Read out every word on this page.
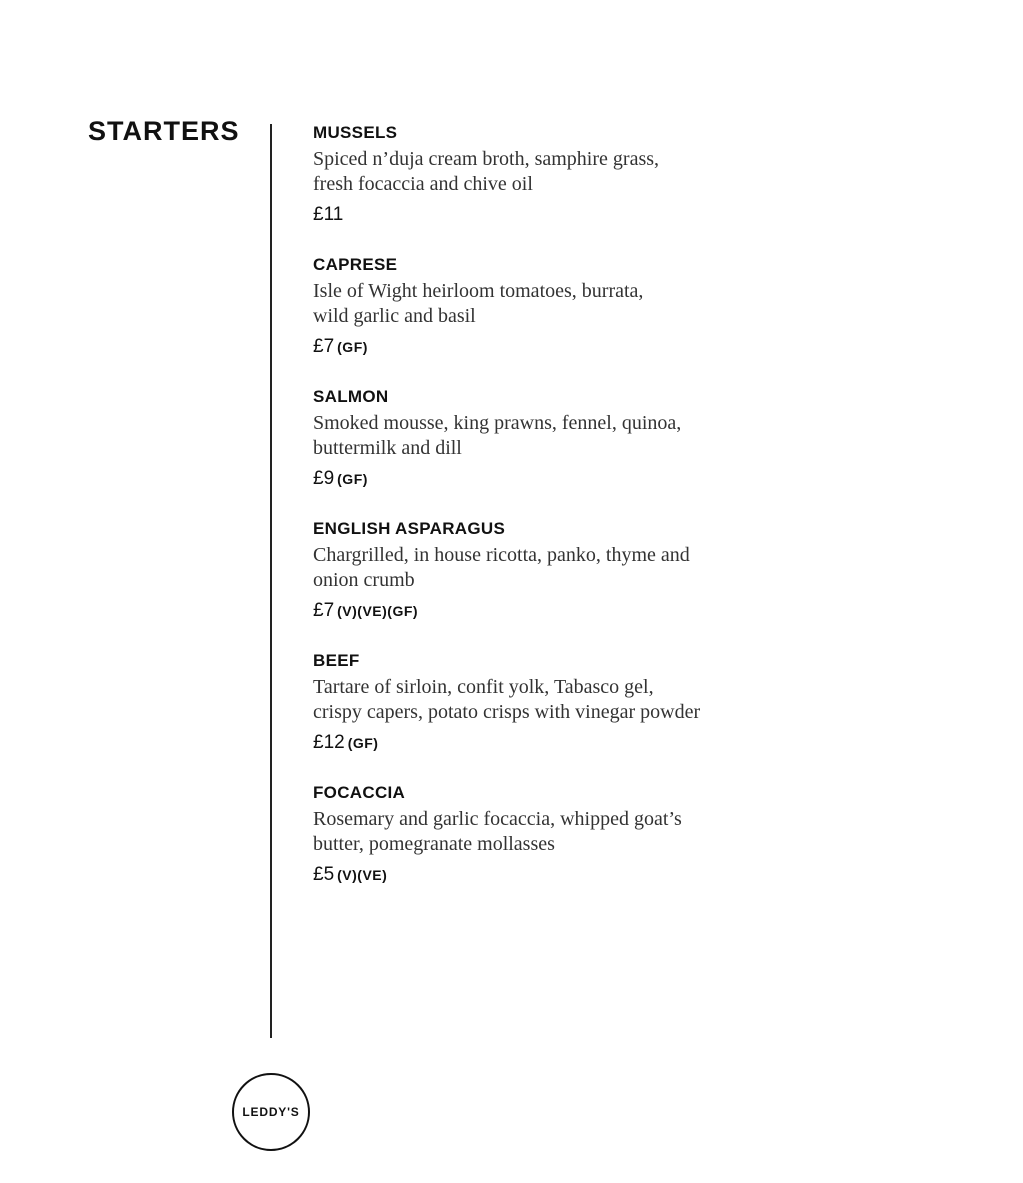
STARTERS	MUSSELS
Spiced n’duja cream broth, samphire grass,
fresh focaccia and chive oil
£11
CAPRESE
Isle of Wight heirloom tomatoes, burrata,
wild garlic and basil
£7 (GF)
SALMON
Smoked mousse, king prawns, fennel, quinoa,
buttermilk and dill
£9 (GF)
ENGLISH ASPARAGUS
Chargrilled, in house ricotta, panko, thyme and
onion crumb
£7 (V)(VE)(GF)
BEEF
Tartare of sirloin, confit yolk, Tabasco gel,
crispy capers, potato crisps with vinegar powder
£12 (GF)
FOCACCIA
Rosemary and garlic focaccia, whipped goat’s
butter, pomegranate mollasses
£5 (V)(VE)
LEDDY'S
